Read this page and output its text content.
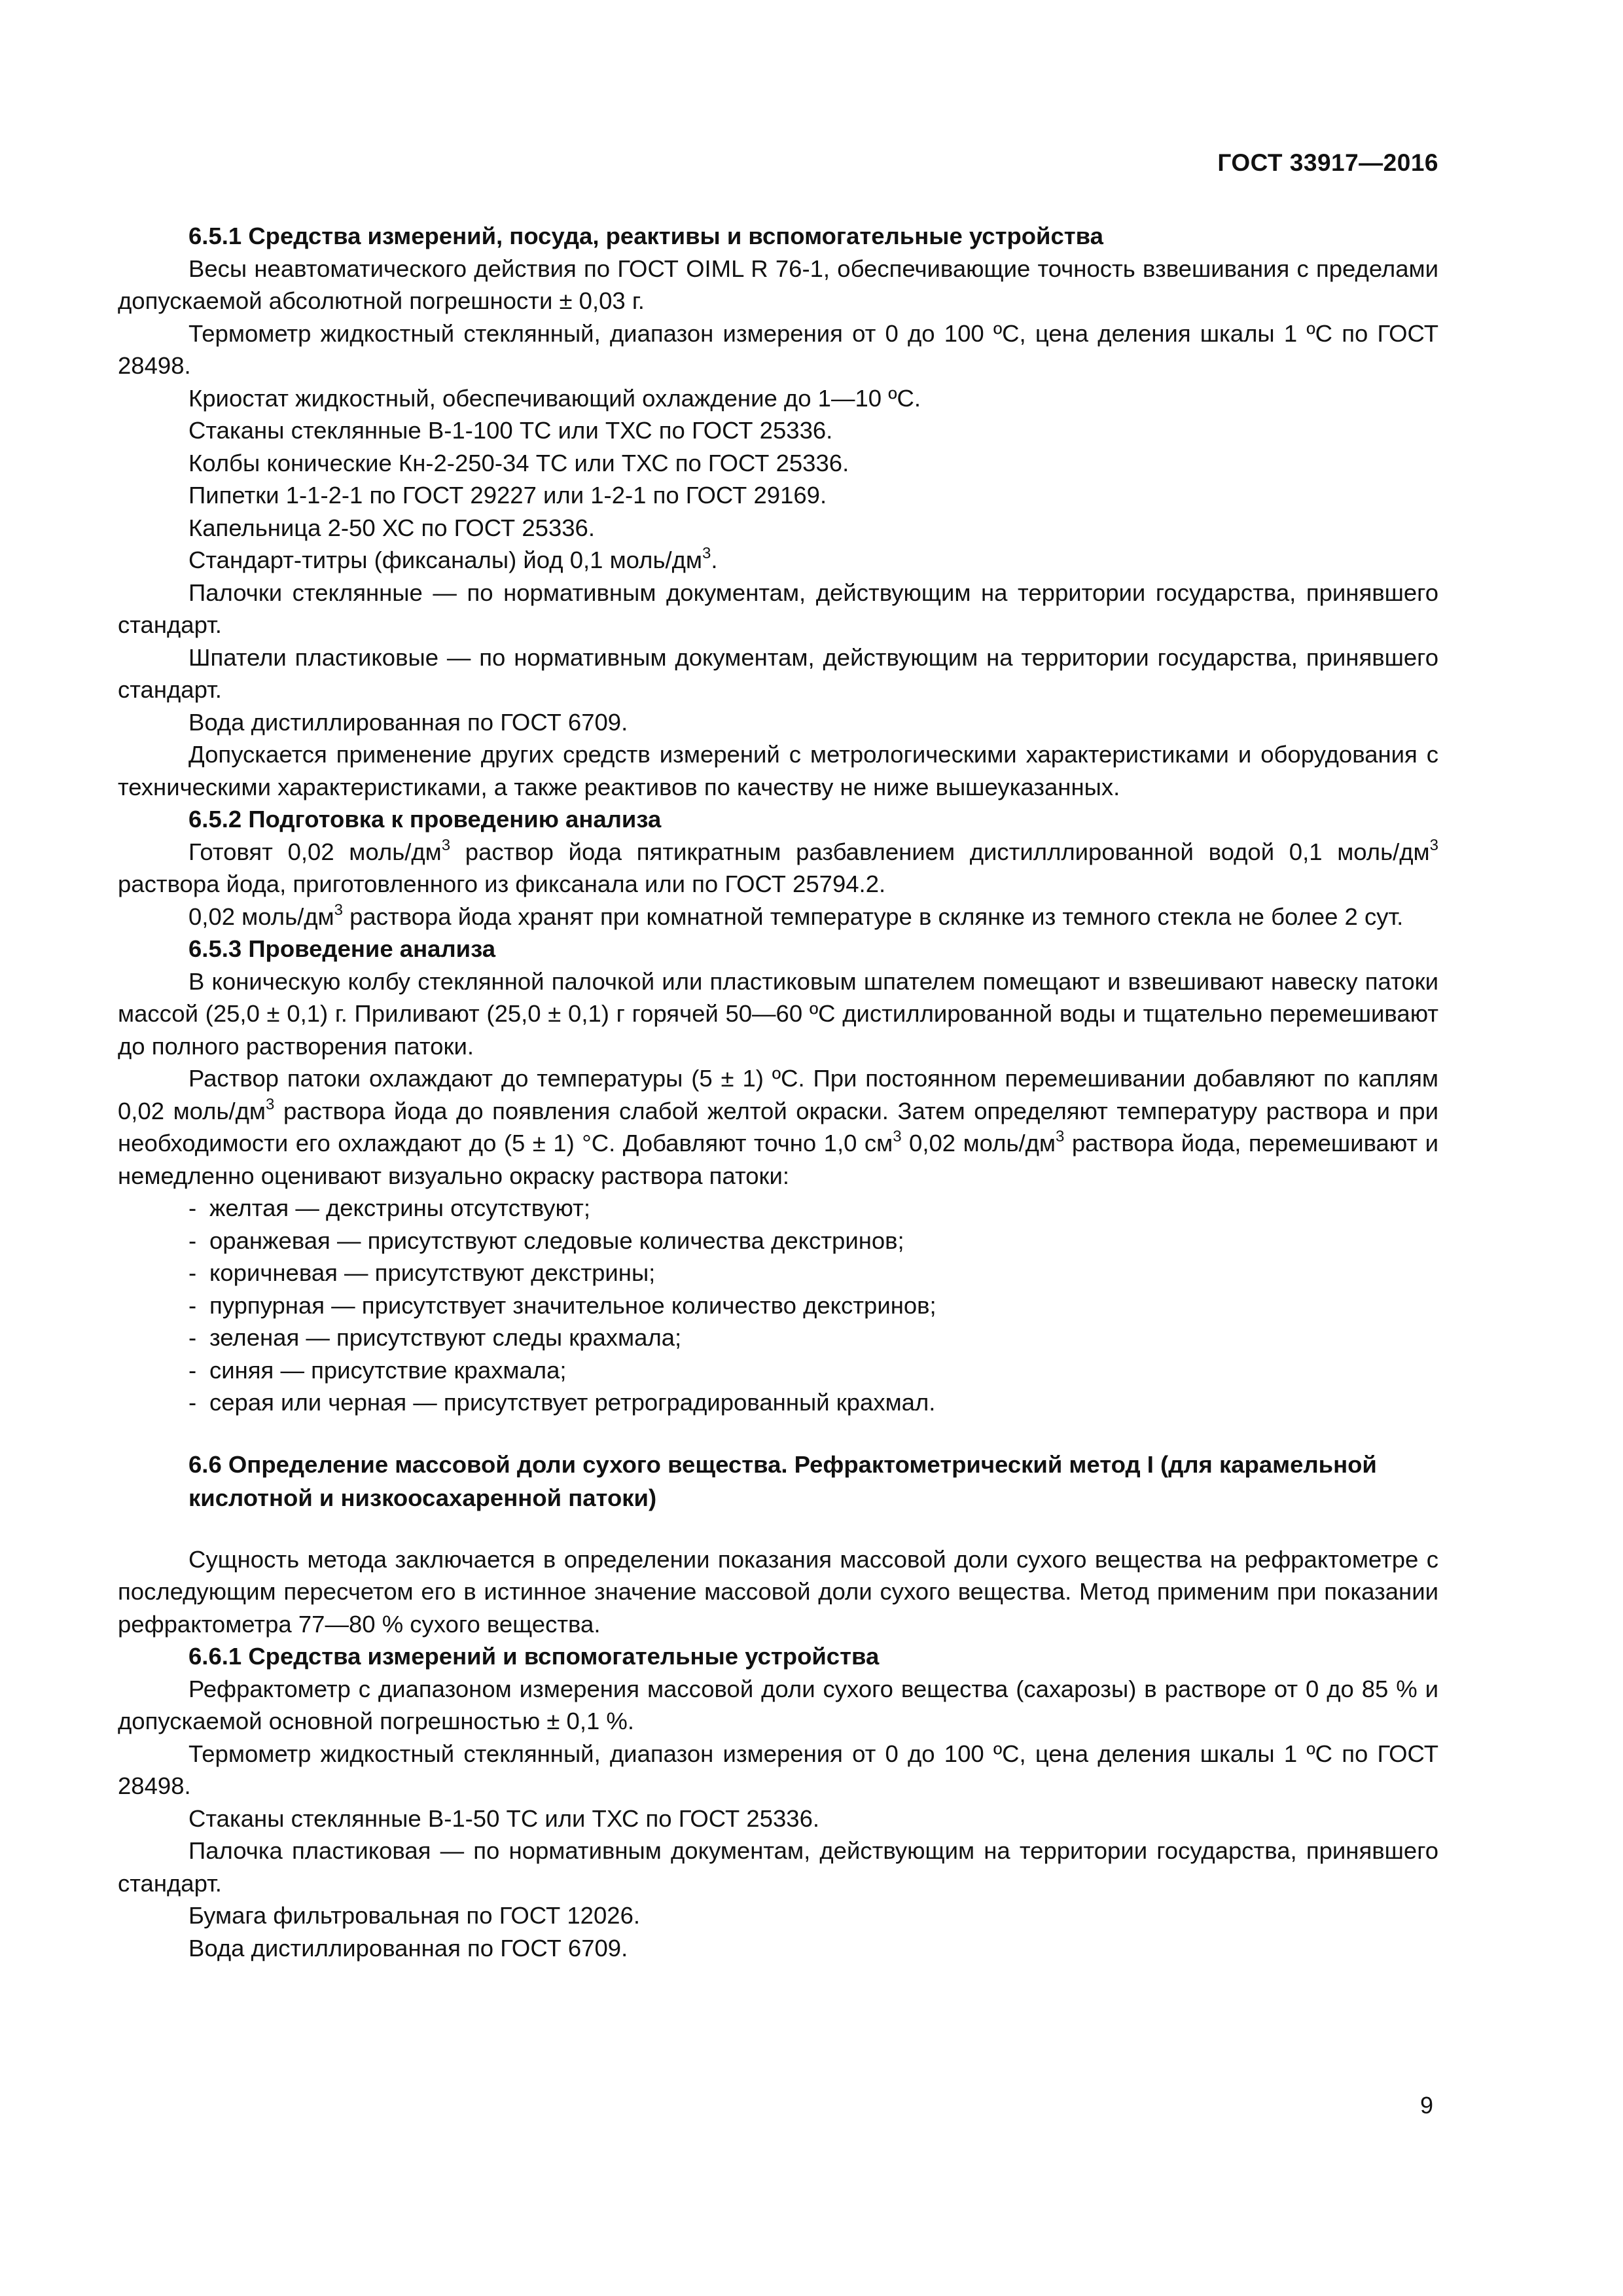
ГОСТ 33917—2016

6.5.1 Средства измерений, посуда, реактивы и вспомогательные устройства

Весы неавтоматического действия по ГОСТ OIML R 76-1, обеспечивающие точность взвешивания с пределами допускаемой абсолютной погрешности ± 0,03 г.

Термометр жидкостный стеклянный, диапазон измерения от 0 до 100 ºС, цена деления шкалы 1 ºС по ГОСТ 28498.

Криостат жидкостный, обеспечивающий охлаждение до 1—10 ºС.

Стаканы стеклянные В-1-100 ТС или ТХС по ГОСТ 25336.

Колбы конические Кн-2-250-34 ТС или ТХС по ГОСТ 25336.

Пипетки 1-1-2-1 по ГОСТ 29227 или 1-2-1 по ГОСТ 29169.

Капельница 2-50 ХС по ГОСТ 25336.

Стандарт-титры (фиксаналы) йод 0,1 моль/$дм^3$.

Палочки стеклянные — по нормативным документам, действующим на территории государства, принявшего стандарт.

Шпатели пластиковые — по нормативным документам, действующим на территории государства, принявшего стандарт.

Вода дистиллированная по ГОСТ 6709.

Допускается применение других средств измерений с метрологическими характеристиками и оборудования с техническими характеристиками, а также реактивов по качеству не ниже вышеуказанных.

6.5.2 Подготовка к проведению анализа

Готовят 0,02 моль/$дм^3$ раствор йода пятикратным разбавлением дистилллированной водой 0,1 моль/$дм^3$ раствора йода, приготовленного из фиксанала или по ГОСТ 25794.2.

0,02 моль/$дм^3$ раствора йода хранят при комнатной температуре в склянке из темного стекла не более 2 сут.

6.5.3 Проведение анализа

В коническую колбу стеклянной палочкой или пластиковым шпателем помещают и взвешивают навеску патоки массой (25,0 ± 0,1) г. Приливают (25,0 ± 0,1) г горячей 50—60 ºС дистиллированной воды и тщательно перемешивают до полного растворения патоки.

Раствор патоки охлаждают до температуры (5 ± 1) ºС. При постоянном перемешивании добавляют по каплям 0,02 моль/$дм^3$ раствора йода до появления слабой желтой окраски. Затем определяют температуру раствора и при необходимости его охлаждают до (5 ± 1) °С. Добавляют точно 1,0 $см^3$ 0,02 моль/$дм^3$ раствора йода, перемешивают и немедленно оценивают визуально окраску раствора патоки:

- желтая — декстрины отсутствуют;
- оранжевая — присутствуют следовые количества декстринов;
- коричневая — присутствуют декстрины;
- пурпурная — присутствует значительное количество декстринов;
- зеленая — присутствуют следы крахмала;
- синяя — присутствие крахмала;
- серая или черная — присутствует ретроградированный крахмал.

6.6 Определение массовой доли сухого вещества. Рефрактометрический метод I (для карамельной кислотной и низкоосахаренной патоки)

Сущность метода заключается в определении показания массовой доли сухого вещества на рефрактометре с последующим пересчетом его в истинное значение массовой доли сухого вещества. Метод применим при показании рефрактометра 77—80 % сухого вещества.

6.6.1 Средства измерений и вспомогательные устройства

Рефрактометр с диапазоном измерения массовой доли сухого вещества (сахарозы) в растворе от 0 до 85 % и допускаемой основной погрешностью ± 0,1 %.

Термометр жидкостный стеклянный, диапазон измерения от 0 до 100 ºС, цена деления шкалы 1 ºС по ГОСТ 28498.

Стаканы стеклянные В-1-50 ТС или ТХС по ГОСТ 25336.

Палочка пластиковая — по нормативным документам, действующим на территории государства, принявшего стандарт.

Бумага фильтровальная по ГОСТ 12026.

Вода дистиллированная по ГОСТ 6709.

9
